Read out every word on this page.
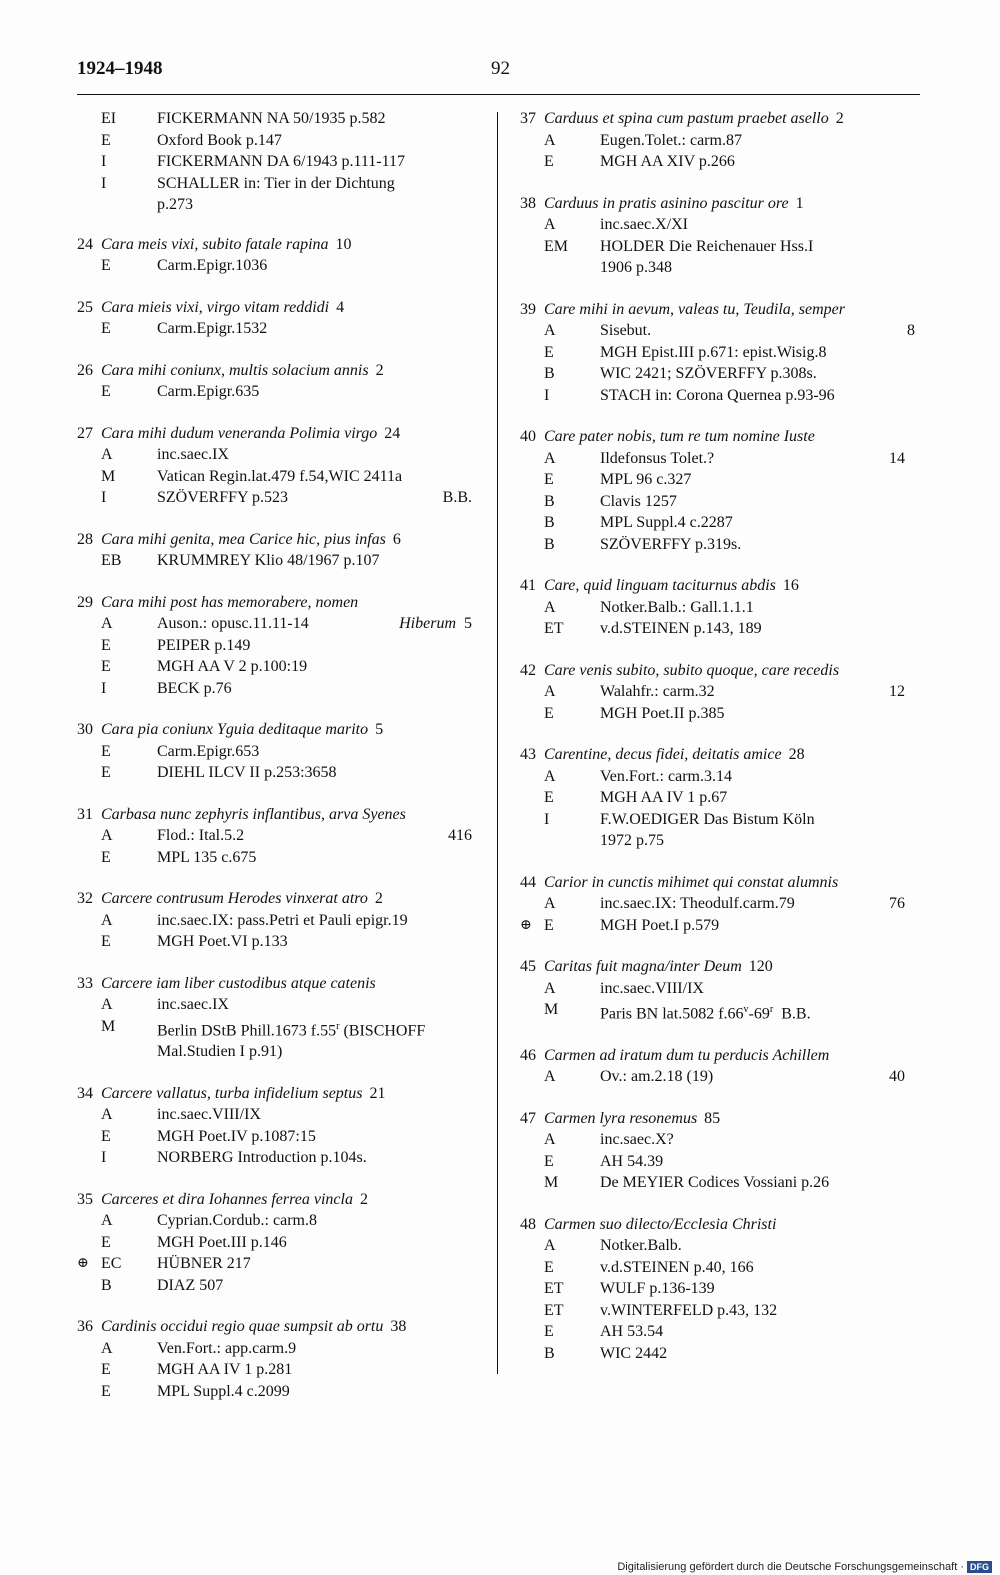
1924–1948	92
EI	FICKERMANN NA 50/1935 p.582
E	Oxford Book p.147
I	FICKERMANN DA 6/1943 p.111-117
I	SCHALLER in: Tier in der Dichtung
p.273
24 Cara meis vixi, subito fatale rapina 10
E	Carm.Epigr.1036
25 Cara mieis vixi, virgo vitam reddidi 4
E	Carm.Epigr.1532
26 Cara mihi coniunx, multis solacium annis 2
E	Carm.Epigr.635
27 Cara mihi dudum veneranda Polimia virgo 24
A	inc.saec.IX
M	Vatican Regin.lat.479 f.54,WIC 2411a
I	SZÖVERFFY p.523	B.B.
28 Cara mihi genita, mea Carice hic, pius infas 6
EB	KRUMMREY Klio 48/1967 p.107
29 Cara mihi post has memorabere, nomen
A	Auson.: opusc.11.11-14	Hiberum 5
E	PEIPER p.149
E	MGH AA V 2 p.100:19
I	BECK p.76
30 Cara pia coniunx Yguia deditaque marito 5
E	Carm.Epigr.653
E	DIEHL ILCV II p.253:3658
31 Carbasa nunc zephyris inflantibus, arva Syenes
A	Flod.: Ital.5.2	416
E	MPL 135 c.675
32 Carcere contrusum Herodes vinxerat atro 2
A	inc.saec.IX: pass.Petri et Pauli epigr.19
E	MGH Poet.VI p.133
33 Carcere iam liber custodibus atque catenis
A	inc.saec.IX
M	Berlin DStB Phill.1673 f.55$^r$ (BISCHOFF
Mal.Studien I p.91)
34 Carcere vallatus, turba infidelium septus 21
A	inc.saec.VIII/IX
E	MGH Poet.IV p.1087:15
I	NORBERG Introduction p.104s.
35 Carceres et dira Iohannes ferrea vincla 2
A	Cyprian.Cordub.: carm.8
E	MGH Poet.III p.146
⊕ EC	HÜBNER 217
B	DIAZ 507
36 Cardinis occidui regio quae sumpsit ab ortu 38
A	Ven.Fort.: app.carm.9
E	MGH AA IV 1 p.281
E	MPL Suppl.4 c.2099
37 Carduus et spina cum pastum praebet asello 2
A	Eugen.Tolet.: carm.87
E	MGH AA XIV p.266
38 Carduus in pratis asinino pascitur ore 1
A	inc.saec.X/XI
EM	HOLDER Die Reichenauer Hss.I
1906 p.348
39 Care mihi in aevum, valeas tu, Teudila, semper
A	Sisebut.	8
E	MGH Epist.III p.671: epist.Wisig.8
B	WIC 2421; SZÖVERFFY p.308s.
I	STACH in: Corona Quernea p.93-96
40 Care pater nobis, tum re tum nomine Iuste
A	Ildefonsus Tolet.?	14
E	MPL 96 c.327
B	Clavis 1257
B	MPL Suppl.4 c.2287
B	SZÖVERFFY p.319s.
41 Care, quid linguam taciturnus abdis 16
A	Notker.Balb.: Gall.1.1.1
ET	v.d.STEINEN p.143, 189
42 Care venis subito, subito quoque, care recedis
A	Walahfr.: carm.32	12
E	MGH Poet.II p.385
43 Carentine, decus fidei, deitatis amice 28
A	Ven.Fort.: carm.3.14
E	MGH AA IV 1 p.67
I	F.W.OEDIGER Das Bistum Köln
1972 p.75
44 Carior in cunctis mihimet qui constat alumnis
A	inc.saec.IX: Theodulf.carm.79	76
⊕ E	MGH Poet.I p.579
45 Caritas fuit magna/inter Deum 120
A	inc.saec.VIII/IX
M	Paris BN lat.5082 f.66$^v$-69$^r$  B.B.
46 Carmen ad iratum dum tu perducis Achillem
A	Ov.: am.2.18 (19)	40
47 Carmen lyra resonemus 85
A	inc.saec.X?
E	AH 54.39
M	De MEYIER Codices Vossiani p.26
48 Carmen suo dilecto/Ecclesia Christi
A	Notker.Balb.
E	v.d.STEINEN p.40, 166
ET	WULF p.136-139
ET	v.WINTERFELD p.43, 132
E	AH 53.54
B	WIC 2442
Digitalisierung gefördert durch die Deutsche Forschungsgemeinschaft · DFG
